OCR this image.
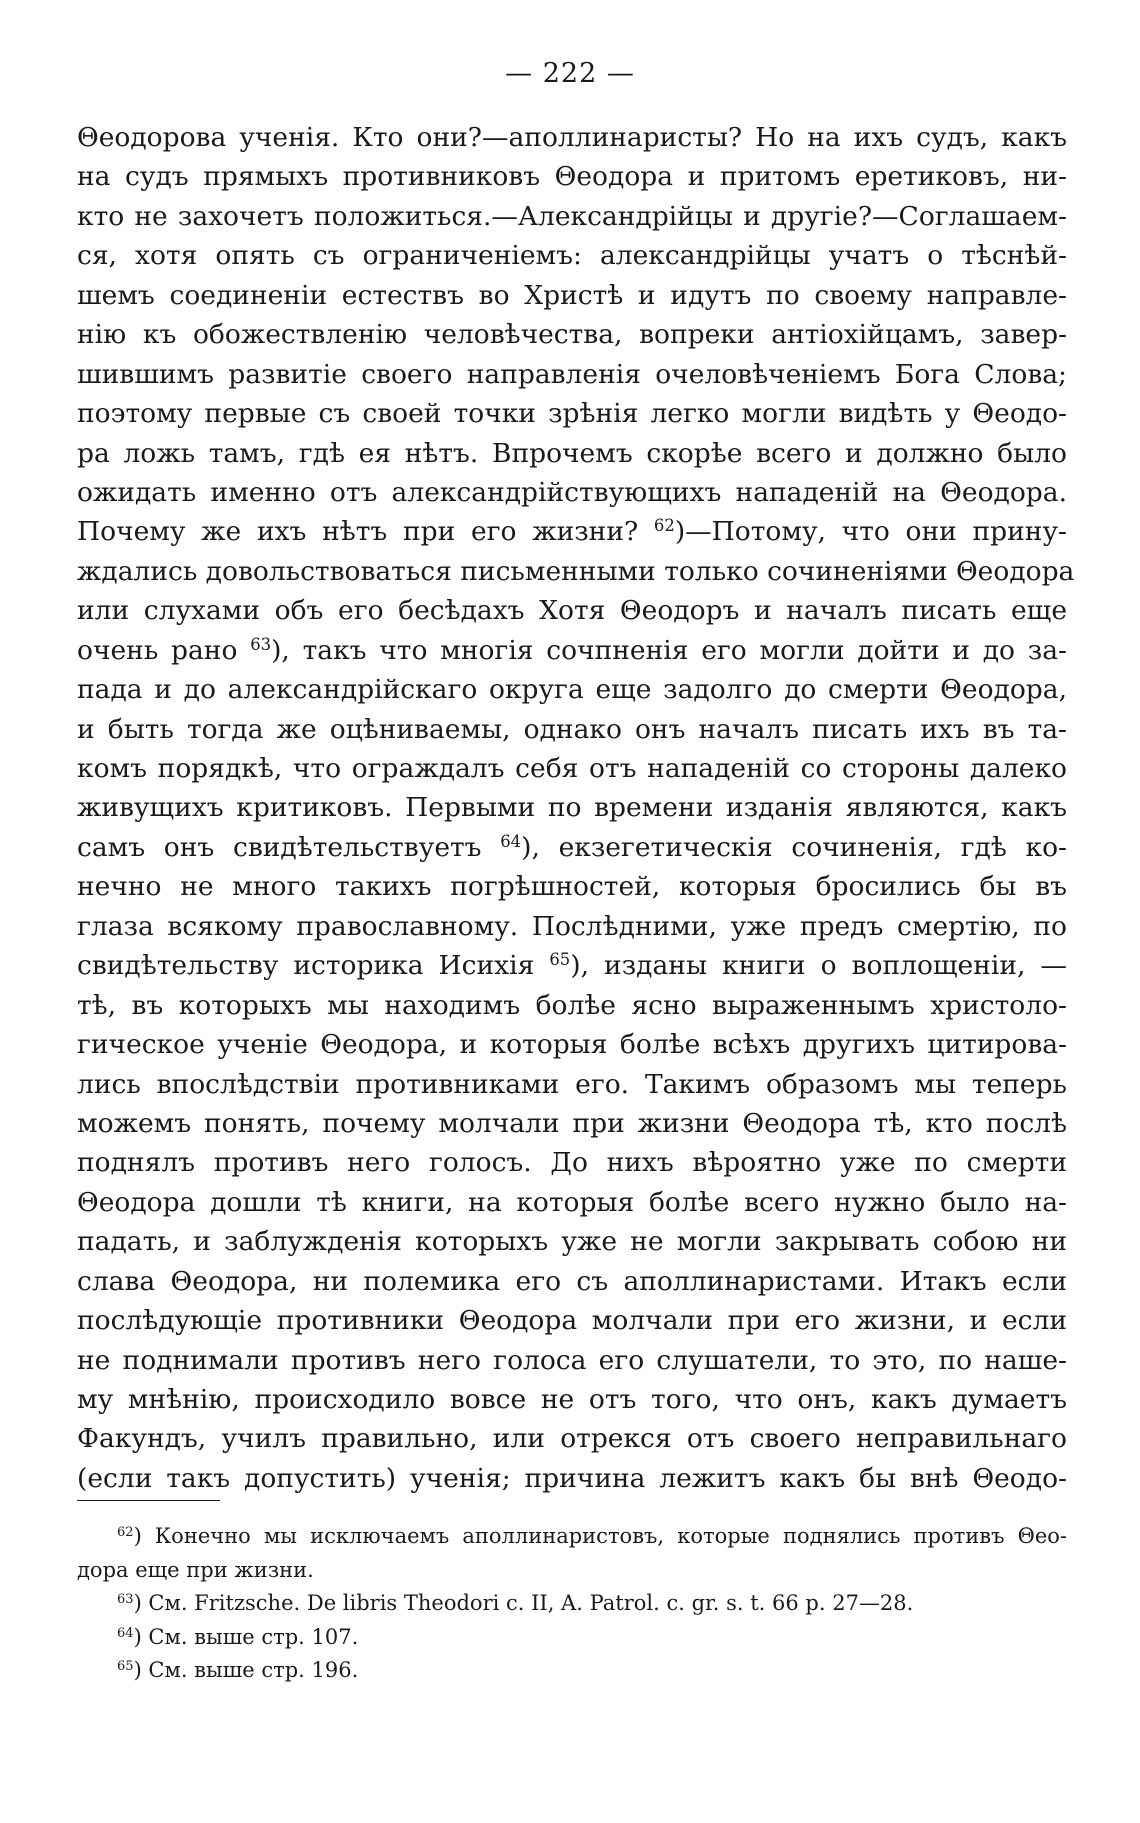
— 222 —
Θеодорова ученія. Кто они?—аполлинаристы? Но на ихъ судъ, какъ
на судъ прямыхъ противниковъ Θеодора и притомъ еретиковъ, ни-
кто не захочетъ положиться.—Александрійцы и другіе?—Соглашаем-
ся, хотя опять съ ограниченіемъ: александрійцы учатъ о тѣснѣй-
шемъ соединеніи естествъ во Христѣ и идутъ по своему направле-
нію къ обожествленію человѣчества, вопреки антіохійцамъ, завер-
шившимъ развитіе своего направленія очеловѣченіемъ Бога Слова;
поэтому первые съ своей точки зрѣнія легко могли видѣть у Θеодо-
ра ложь тамъ, гдѣ ея нѣтъ. Впрочемъ скорѣе всего и должно было
ожидать именно отъ александрійствующихъ нападеній на Θеодора.
Почему же ихъ нѣтъ при его жизни? $^{62}$)—Потому, что они прину-
ждались довольствоваться письменными только сочиненіями Θеодора
или слухами объ его бесѣдахъ Хотя Θеодоръ и началъ писать еще
очень рано $^{63}$), такъ что многія сочпненія его могли дойти и до за-
пада и до александрійскаго округа еще задолго до смерти Θеодора,
и быть тогда же оцѣниваемы, однако онъ началъ писать ихъ въ та-
комъ порядкѣ, что ограждалъ себя отъ нападеній со стороны далеко
живущихъ критиковъ. Первыми по времени изданія являются, какъ
самъ онъ свидѣтельствуетъ $^{64}$), екзегетическія сочиненія, гдѣ ко-
нечно не много такихъ погрѣшностей, которыя бросились бы въ
глаза всякому православному. Послѣдними, уже предъ смертію, по
свидѣтельству историка Исихія $^{65}$), изданы книги о воплощеніи, —
тѣ, въ которыхъ мы находимъ болѣе ясно выраженнымъ христоло-
гическое ученіе Θеодора, и которыя болѣе всѣхъ другихъ цитирова-
лись впослѣдствіи противниками его. Такимъ образомъ мы теперь
можемъ понять, почему молчали при жизни Θеодора тѣ, кто послѣ
поднялъ противъ него голосъ. До нихъ вѣроятно уже по смерти
Θеодора дошли тѣ книги, на которыя болѣе всего нужно было на-
падать, и заблужденія которыхъ уже не могли закрывать собою ни
слава Θеодора, ни полемика его съ аполлинаристами. Итакъ если
послѣдующіе противники Θеодора молчали при его жизни, и если
не поднимали противъ него голоса его слушатели, то это, по наше-
му мнѣнію, происходило вовсе не отъ того, что онъ, какъ думаетъ
Факундъ, училъ правильно, или отрекся отъ своего неправильнаго
(если такъ допустить) ученія; причина лежитъ какъ бы внѣ Θеодо-
$^{62}$) Конечно мы исключаемъ аполлинаристовъ, которые поднялись противъ Θео-
дора еще при жизни.
$^{63}$) См. Fritzsche. De libris Theodori c. II, A. Patrol. c. gr. s. t. 66 p. 27—28.
$^{64}$) См. выше стр. 107.
$^{65}$) См. выше стр. 196.
